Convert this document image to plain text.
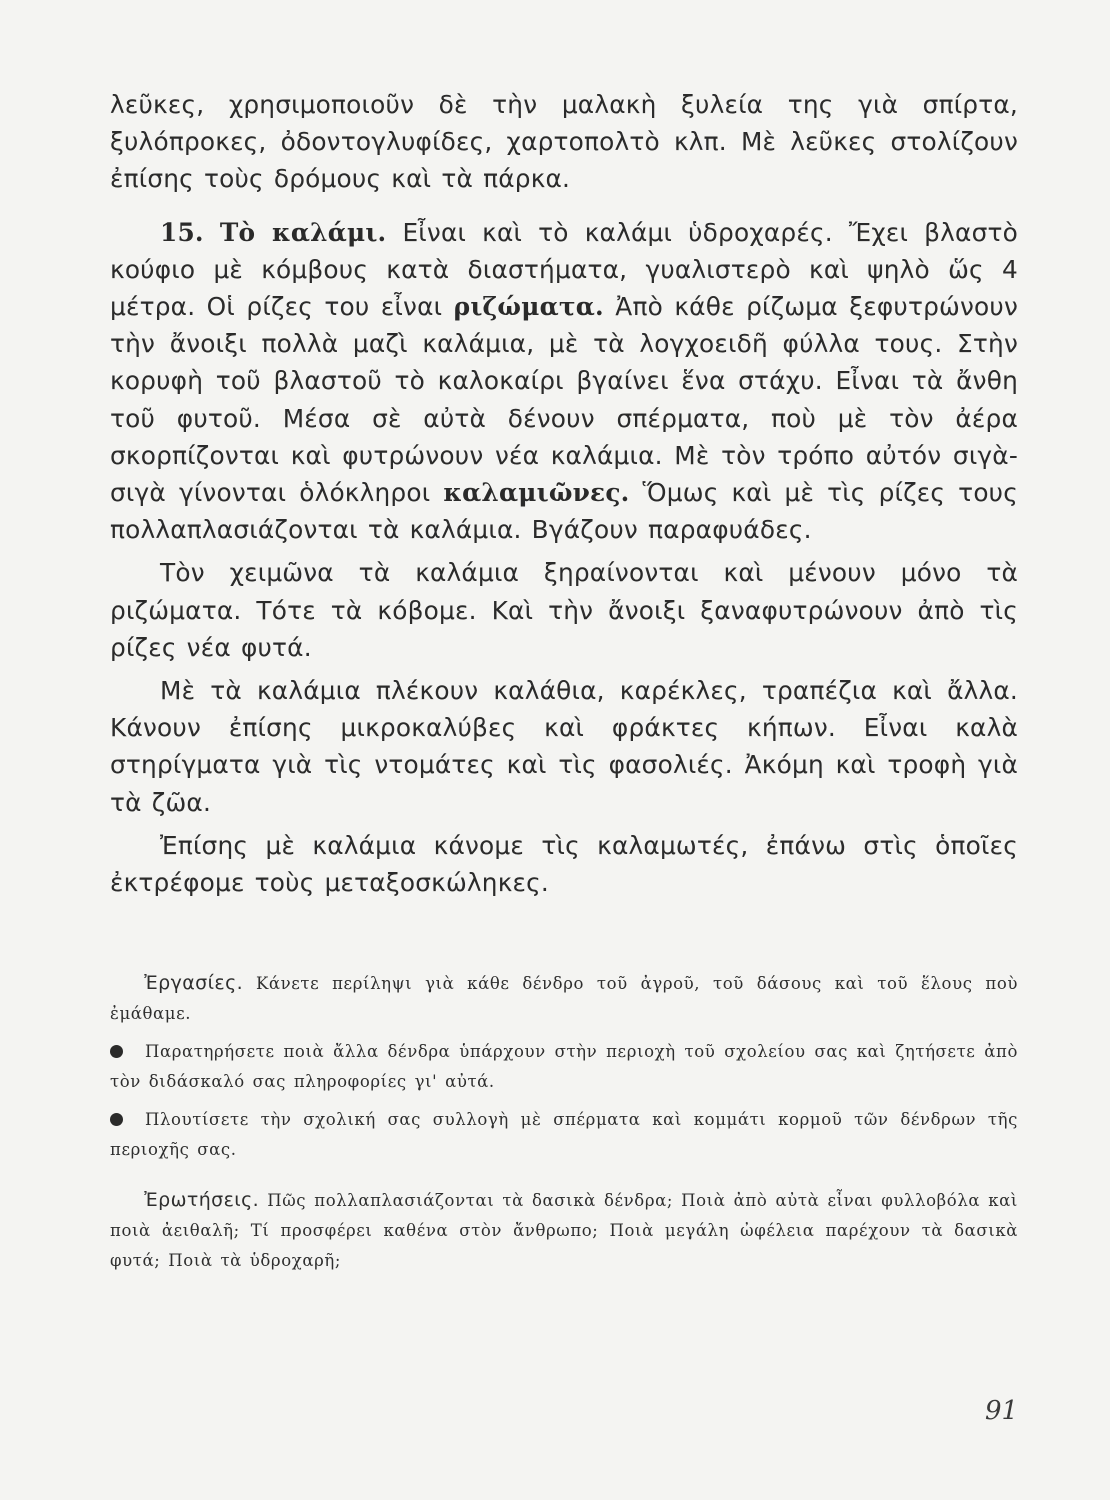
λεῦκες, χρησιμοποιοῦν δὲ τὴν μαλακὴ ξυλεία της γιὰ σπίρτα, ξυλόπροκες, ὀδοντογλυφίδες, χαρτοπολτὸ κλπ. Μὲ λεῦκες στολίζουν ἐπίσης τοὺς δρόμους καὶ τὰ πάρκα.

  15. Τὸ καλάμι. Εἶναι καὶ τὸ καλάμι ὑδροχαρές. Ἔχει βλαστὸ κούφιο μὲ κόμβους κατὰ διαστήματα, γυαλιστερὸ καὶ ψηλὸ ὥς 4 μέτρα. Οἱ ρίζες του εἶναι ριζώματα. Ἀπὸ κάθε ρίζωμα ξεφυτρώνουν τὴν ἄνοιξι πολλὰ μαζὶ καλάμια, μὲ τὰ λογχοειδῆ φύλλα τους. Στὴν κορυφὴ τοῦ βλαστοῦ τὸ καλοκαίρι βγαίνει ἕνα στάχυ. Εἶναι τὰ ἄνθη τοῦ φυτοῦ. Μέσα σὲ αὐτὰ δένουν σπέρματα, ποὺ μὲ τὸν ἀέρα σκορπίζονται καὶ φυτρώνουν νέα καλάμια. Μὲ τὸν τρόπο αὐτόν σιγὰ-σιγὰ γίνονται ὁλόκληροι καλαμιῶνες. Ὅμως καὶ μὲ τὶς ρίζες τους πολλαπλασιάζονται τὰ καλάμια. Βγάζουν παραφυάδες.

  Τὸν χειμῶνα τὰ καλάμια ξηραίνονται καὶ μένουν μόνο τὰ ριζώματα. Τότε τὰ κόβομε. Καὶ τὴν ἄνοιξι ξαναφυτρώνουν ἀπὸ τὶς ρίζες νέα φυτά.

  Μὲ τὰ καλάμια πλέκουν καλάθια, καρέκλες, τραπέζια καὶ ἄλλα. Κάνουν ἐπίσης μικροκαλύβες καὶ φράκτες κήπων. Εἶναι καλὰ στηρίγματα γιὰ τὶς ντομάτες καὶ τὶς φασολιές. Ἀκόμη καὶ τροφὴ γιὰ τὰ ζῶα.

  Ἐπίσης μὲ καλάμια κάνομε τὶς καλαμωτές, ἐπάνω στὶς ὁποῖες ἐκτρέφομε τοὺς μεταξοσκώληκες.

  Ἐργασίες. Κάνετε περίληψι γιὰ κάθε δένδρο τοῦ ἀγροῦ, τοῦ δάσους καὶ τοῦ ἕλους ποὺ ἐμάθαμε.
Παρατηρήσετε ποιὰ ἄλλα δένδρα ὑπάρχουν στὴν περιοχὴ τοῦ σχολείου σας καὶ ζητήσετε ἀπὸ τὸν διδάσκαλό σας πληροφορίες γι' αὐτά.
Πλουτίσετε τὴν σχολική σας συλλογὴ μὲ σπέρματα καὶ κομμάτι κορμοῦ τῶν δένδρων τῆς περιοχῆς σας.
  Ἐρωτήσεις. Πῶς πολλαπλασιάζονται τὰ δασικὰ δένδρα; Ποιὰ ἀπὸ αὐτὰ εἶναι φυλλοβόλα καὶ ποιὰ ἀειθαλῆ; Τί προσφέρει καθένα στὸν ἄνθρωπο; Ποιὰ μεγάλη ὠφέλεια παρέχουν τὰ δασικὰ φυτά; Ποιὰ τὰ ὑδροχαρῆ;
91
